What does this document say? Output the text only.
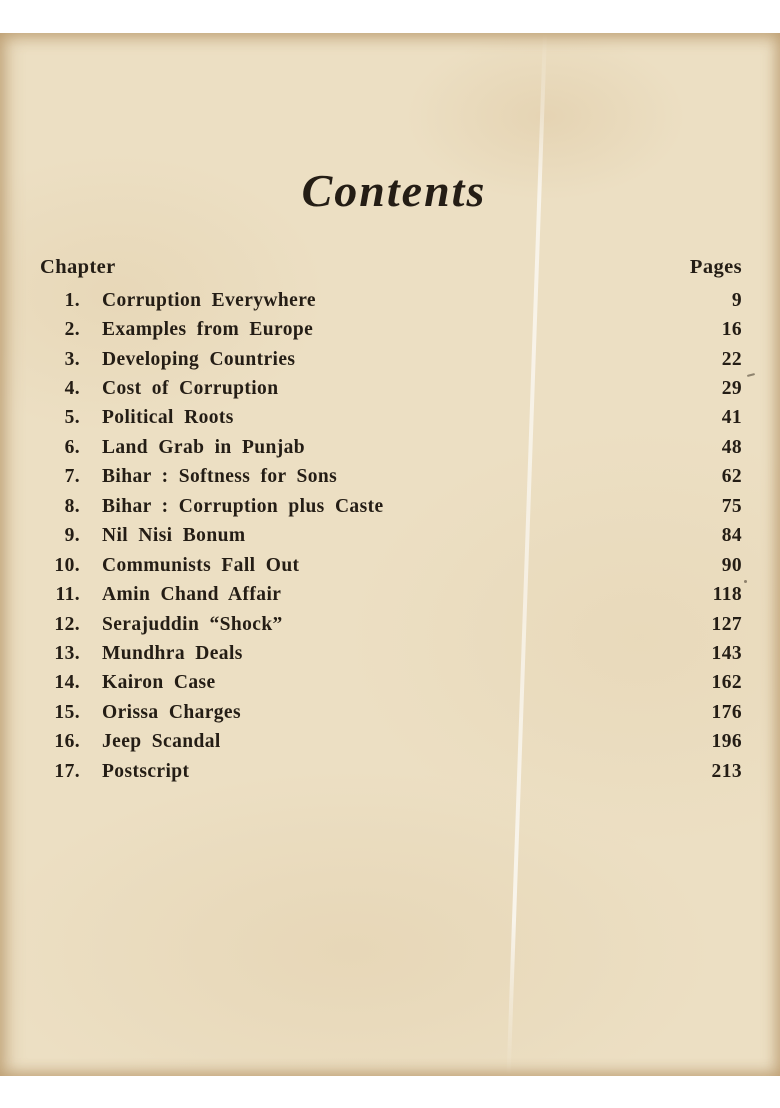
Contents
Chapter	Pages
1. Corruption Everywhere	9
2. Examples from Europe	16
3. Developing Countries	22
4. Cost of Corruption	29
5. Political Roots	41
6. Land Grab in Punjab	48
7. Bihar : Softness for Sons	62
8. Bihar : Corruption plus Caste	75
9. Nil Nisi Bonum	84
10. Communists Fall Out	90
11. Amin Chand Affair	118
12. Serajuddin “Shock”	127
13. Mundhra Deals	143
14. Kairon Case	162
15. Orissa Charges	176
16. Jeep Scandal	196
17. Postscript	213
